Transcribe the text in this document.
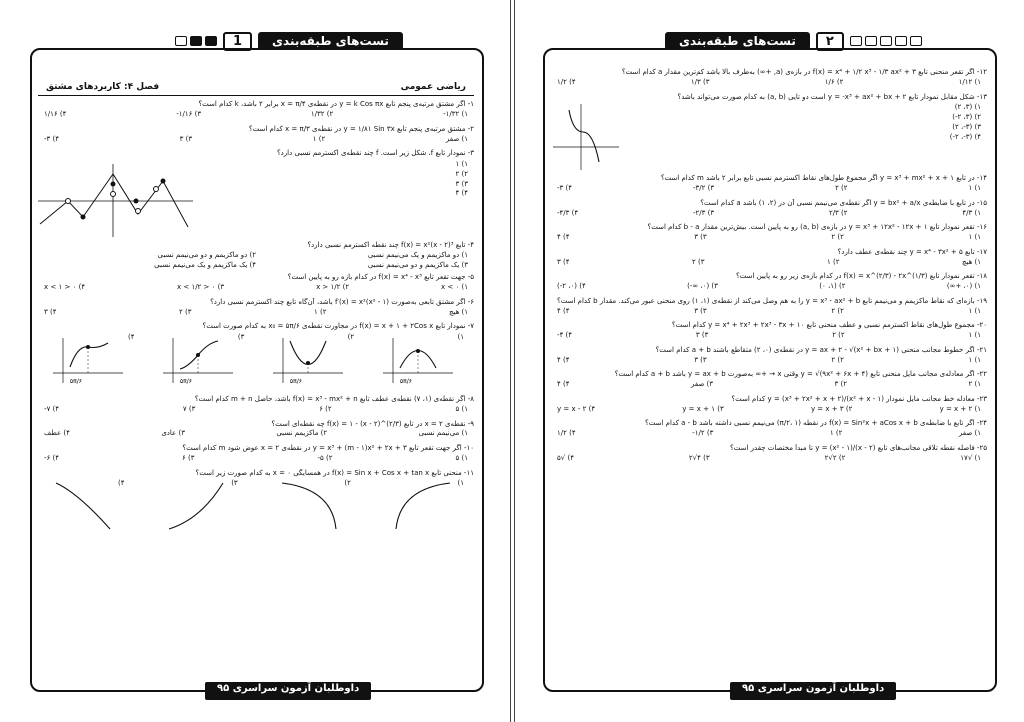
1	تست‌های طبقه‌بندی
ریاضی عمومی
فصل ۴: کاربردهای مشتق
۱- اگر مشتق مرتبه‌ی پنجم تابع y = k Cos πx در نقطه‌ی x = π/۴ برابر ۲ باشد، k کدام است؟
۱) ۱/۳۲-
۲) ۱/۳۲
۳) ۱/۱۶-
۴) ۱/۱۶
۲- مشتق مرتبه‌ی پنجم تابع y = ۱/۸۱ Sin ۳x در نقطه‌ی x = π/۳ کدام است؟
۱) صفر
۲) ۱
۳) ۳
۴) ۳-
۳- نمودار تابع f، شکل زیر است. f چند نقطه‌ی اکسترمم نسبی دارد؟
۱) ۱
۲) ۲
۳) ۳
۴) ۴
۴- تابع f(x) = x²(x - ۲)³ چند نقطه اکسترمم نسبی دارد؟
۱) دو ماکزیمم و یک می‌نیمم نسبی
۲) دو ماکزیمم و دو می‌نیمم نسبی
۳) یک ماکزیمم و دو می‌نیمم نسبی
۴) یک ماکزیمم و یک می‌نیمم نسبی
۵- جهت تقعر تابع f(x) = x⁴ - x³ در کدام بازه رو به پایین است؟
۱) x < ۰
۲) x > ۱/۲
۳) ۰ < x < ۱/۲
۴) ۰ < x < ۱
۶- اگر مشتق تابعی به‌صورت f′(x) = x²(x² - ۱) باشد، آن‌گاه تابع چند اکسترمم نسبی دارد؟
۱) هیچ
۲) ۱
۳) ۲
۴) ۳
۷- نمودار تابع f(x) = x + ۱ + ۲Cos x در مجاورت نقطه‌ی x₀ = ۵π/۶ به کدام صورت است؟
۱)
۵π/۶
۲)
۵π/۶
۳)
۵π/۶
۴)
۵π/۶
۸- اگر نقطه‌ی (۱، ۷) نقطه‌ی عطف تابع f(x) = x³ - mx² + n باشد، حاصل m + n کدام است؟
۱) ۵
۲) ۶
۳) ۷
۴) ۷-
۹- نقطه‌ی x = ۲ در تابع f(x) = ۱ - (x - ۲)^(۲/۳) چه نقطه‌ای است؟
۱) می‌نیمم نسبی
۲) ماکزیمم نسبی
۳) عادی
۴) عطف
۱۰- اگر جهت تقعر تابع y = x³ + (m - ۱)x² + ۲x + ۳ در نقطه‌ی x = ۲ عوض شود m کدام است؟
۱) ۵
۲) ۵-
۳) ۶
۴) ۶-
۱۱- منحنی تابع f(x) = Sin x + Cos x + tan x در همسایگی x = ۰ به کدام صورت زیر است؟
۱)
۲)
۳)
۴)
داوطلبان آزمون سراسری ۹۵
تست‌های طبقه‌بندی	۲
۱۲- اگر تقعر منحنی تابع f(x) = x⁴ + ۱/۲ x³ - ۱/۳ ax² + ۳ در بازه‌ی (a, +∞) به‌طرف بالا باشد کم‌ترین مقدار a کدام است؟
۱) ۱/۱۲
۲) ۱/۶
۳) ۱/۳
۴) ۱/۲
۱۳- شکل مقابل نمودار تابع y = -x³ + ax² + bx + ۲ است دو تایی (a, b) به کدام صورت می‌تواند باشد؟
۱) (۳، ۲)
۲) (۳، ۲-)
۳) (۳-، ۲)
۴) (۳-، ۲-)
۱۴- در تابع y = x³ + mx² + x + ۱ اگر مجموع طول‌های نقاط اکسترمم نسبی تابع برابر ۲ باشد m کدام است؟
۱) ۱
۲) ۲
۳) ۳/۲-
۴) ۳-
۱۵- در تابع با ضابطه‌ی y = bx² + a/x اگر نقطه‌ی می‌نیمم نسبی آن در (۲، ۱) باشد a کدام است؟
۱) ۴/۳
۲) ۲/۳
۳) ۲/۳-
۴) ۴/۳-
۱۶- تقعر نمودار تابع y = x³ + ۱۲x² - ۱۲x + ۱ در بازه‌ی (a, b) رو به پایین است. بیش‌ترین مقدار b - a کدام است؟
۱) ۱
۲) ۲
۳) ۳
۴) ۴
۱۷- تابع y = x⁴ - ۳x² + ۵ چند نقطه‌ی عطف دارد؟
۱) هیچ
۲) ۱
۳) ۲
۴) ۳
۱۸- تقعر نمودار تابع f(x) = x^(۲/۳) - ۲x^(۱/۳) در کدام بازه‌ی زیر رو به پایین است؟
۱) (۰، +∞)
۲) (۱، ۰)
۳) (۰، ∞-)
۴) (۰، ۲-)
۱۹- بازه‌ای که نقاط ماکزیمم و می‌نیمم تابع y = x³ - ax² + b را به هم وصل می‌کند از نقطه‌ی (۱، ۱) روی منحنی عبور می‌کند. مقدار b کدام است؟
۱) ۱
۲) ۲
۳) ۳
۴) ۴
۲۰- مجموع طول‌های نقاط اکسترمم نسبی و عطف منحنی تابع y = x⁴ + ۲x³ + ۲x³ - ۳x + ۱۰ کدام است؟
۱) ۱
۲) ۲
۳) ۳
۴) ۴-
۲۱- اگر خطوط مجانب منحنی y = ax + ۲ - √(x² + bx + ۱) در نقطه‌ی (۰، ۲) متقاطع باشند a + b کدام است؟
۱) ۱
۲) ۲
۳) ۳
۴) ۴
۲۲- اگر معادله‌ی مجانب مایل منحنی تابع y = √(۹x² + ۶x + ۴) وقتی x → +∞ به‌صورت y = ax + b باشد a + b کدام است؟
۱) ۲
۲) ۳
۳) صفر
۴) ۴
۲۳- معادله خط مجانب مایل نمودار y = (x³ + ۲x² + x + ۲)/(x² + x - ۱) کدام است؟
۱) y = x + ۲
۲) y = x + ۳
۳) y = x + ۱
۴) y = x - ۲
۲۴- اگر تابع با ضابطه‌ی f(x) = Sin²x + aCos x + b در نقطه (π/۲، ۱) می‌نیمم نسبی داشته باشد a - b کدام است؟
۱) صفر
۲) ۱
۳) ۱/۲-
۴) ۱/۲
۲۵- فاصله نقطه تلاقی مجانب‌های تابع y = (x² - ۱)/(x - ۲) تا مبدأ مختصات چقدر است؟
۱) √۱۷
۲) ۲√۲
۳) ۴√۲
۴) √۵
داوطلبان آزمون سراسری ۹۵
